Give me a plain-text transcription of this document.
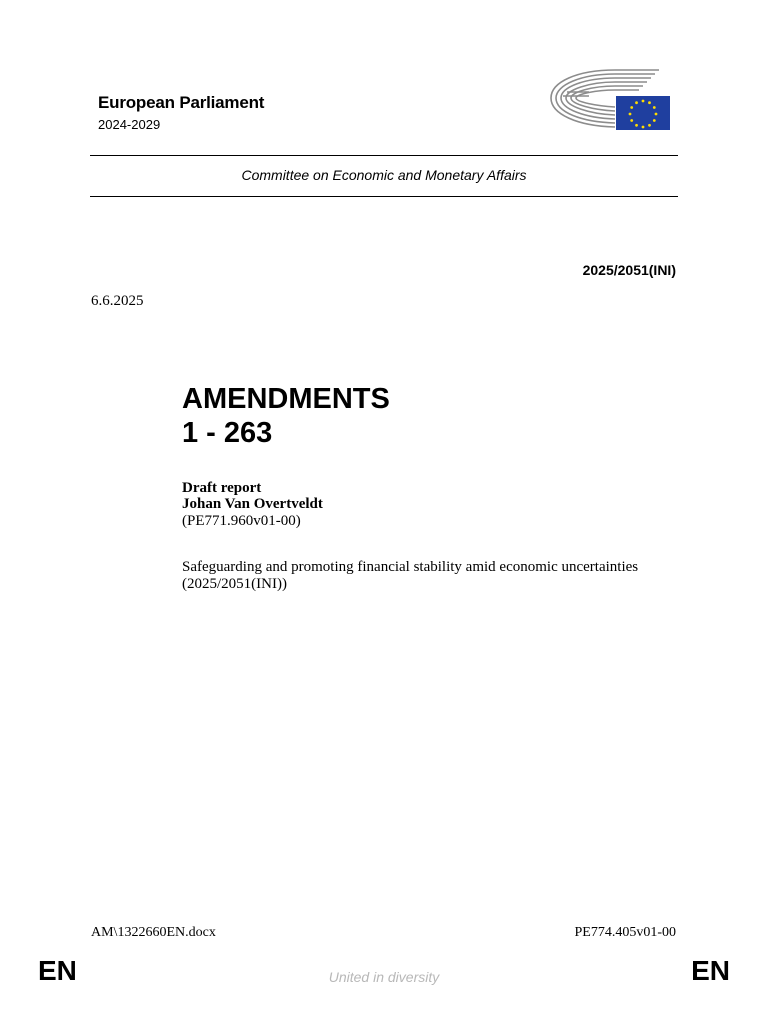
European Parliament
2024-2029
Committee on Economic and Monetary Affairs
2025/2051(INI)
6.6.2025
AMENDMENTS
1 - 263
Draft report
Johan Van Overtveldt
(PE771.960v01-00)
Safeguarding and promoting financial stability amid economic uncertainties
(2025/2051(INI))
AM\1322660EN.docx	PE774.405v01-00
EN	United in diversity	EN
